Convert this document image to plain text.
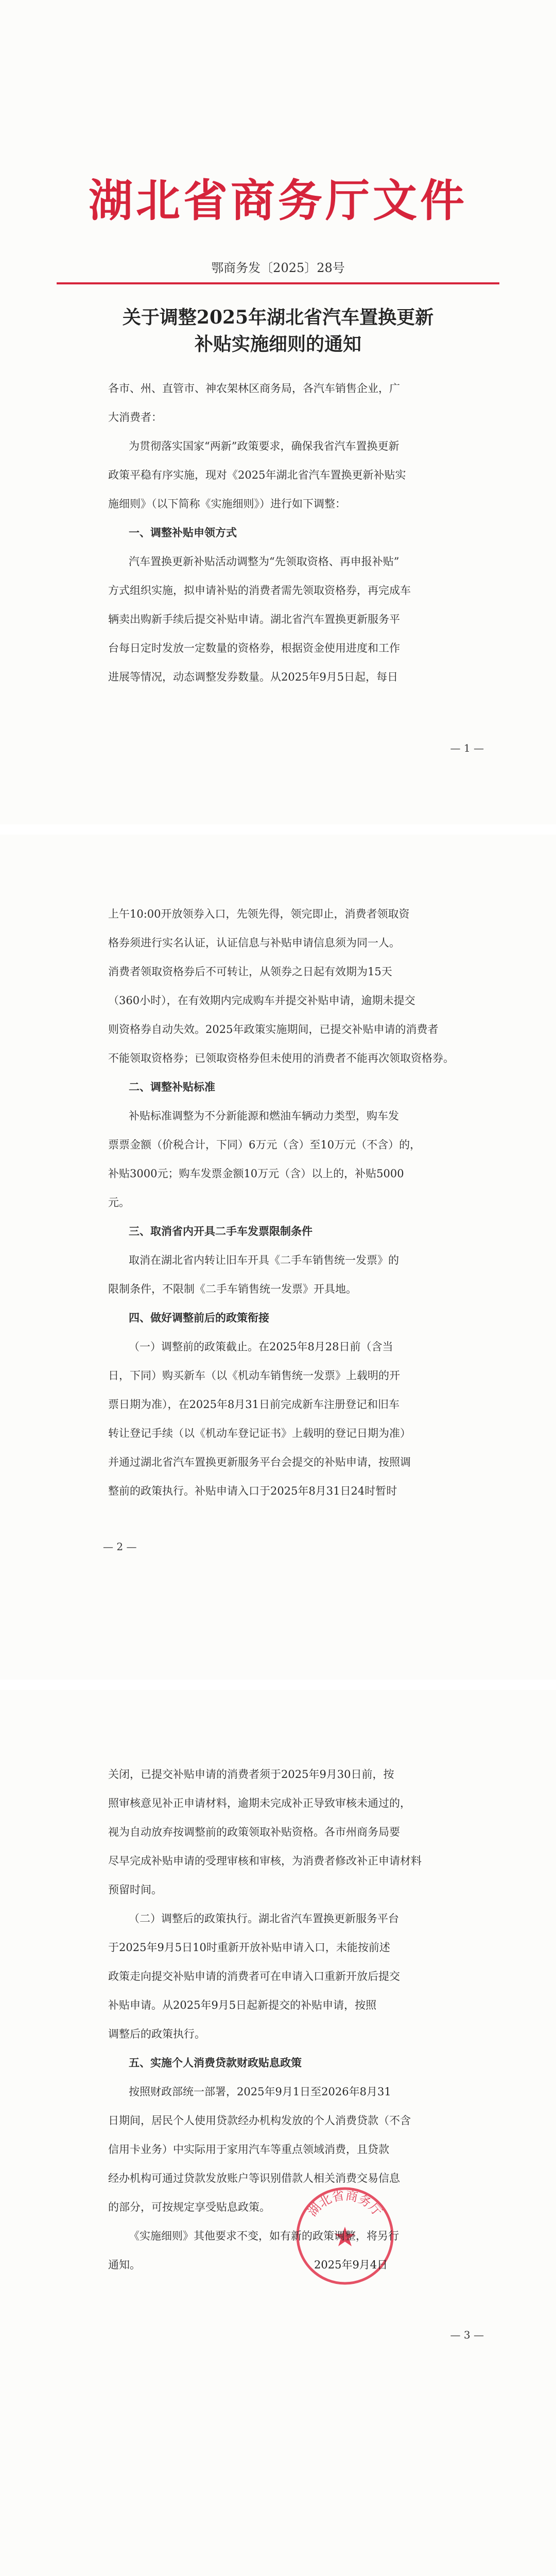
湖北省商务厅文件
鄂商务发〔2025〕28号
关于调整2025年湖北省汽车置换更新
补贴实施细则的通知
— 1 —
各市、州、直管市、神农架林区商务局，各汽车销售企业，广
大消费者：
为贯彻落实国家“两新”政策要求，确保我省汽车置换更新
政策平稳有序实施，现对《2025年湖北省汽车置换更新补贴实
施细则》（以下简称《实施细则》）进行如下调整：
一、调整补贴申领方式
汽车置换更新补贴活动调整为“先领取资格、再申报补贴”
方式组织实施，拟申请补贴的消费者需先领取资格券，再完成车
辆卖出购新手续后提交补贴申请。湖北省汽车置换更新服务平
台每日定时发放一定数量的资格券，根据资金使用进度和工作
进展等情况，动态调整发券数量。从2025年9月5日起，每日
— 2 —
上午10:00开放领券入口，先领先得，领完即止，消费者领取资
格券须进行实名认证，认证信息与补贴申请信息须为同一人。
消费者领取资格券后不可转让，从领券之日起有效期为15天
（360小时），在有效期内完成购车并提交补贴申请，逾期未提交
则资格券自动失效。2025年政策实施期间，已提交补贴申请的消费者
不能领取资格券；已领取资格券但未使用的消费者不能再次领取资格券。
二、调整补贴标准
补贴标准调整为不分新能源和燃油车辆动力类型，购车发
票票金额（价税合计，下同）6万元（含）至10万元（不含）的，
补贴3000元；购车发票金额10万元（含）以上的，补贴5000
元。
三、取消省内开具二手车发票限制条件
取消在湖北省内转让旧车开具《二手车销售统一发票》的
限制条件，不限制《二手车销售统一发票》开具地。
四、做好调整前后的政策衔接
（一）调整前的政策截止。在2025年8月28日前（含当
日，下同）购买新车（以《机动车销售统一发票》上载明的开
票日期为准），在2025年8月31日前完成新车注册登记和旧车
转让登记手续（以《机动车登记证书》上载明的登记日期为准）
并通过湖北省汽车置换更新服务平台会提交的补贴申请，按照调
整前的政策执行。补贴申请入口于2025年8月31日24时暂时
湖北省商务厅
2025年9月4日
— 3 —
关闭，已提交补贴申请的消费者须于2025年9月30日前，按
照审核意见补正申请材料，逾期未完成补正导致审核未通过的，
视为自动放弃按调整前的政策领取补贴资格。各市州商务局要
尽早完成补贴申请的受理审核和审核，为消费者修改补正申请材料
预留时间。
（二）调整后的政策执行。湖北省汽车置换更新服务平台
于2025年9月5日10时重新开放补贴申请入口，未能按前述
政策走向提交补贴申请的消费者可在申请入口重新开放后提交
补贴申请。从2025年9月5日起新提交的补贴申请，按照
调整后的政策执行。
五、实施个人消费贷款财政贴息政策
按照财政部统一部署，2025年9月1日至2026年8月31
日期间，居民个人使用贷款经办机构发放的个人消费贷款（不含
信用卡业务）中实际用于家用汽车等重点领域消费，且贷款
经办机构可通过贷款发放账户等识别借款人相关消费交易信息
的部分，可按规定享受贴息政策。
《实施细则》其他要求不变，如有新的政策调整，将另行
通知。
